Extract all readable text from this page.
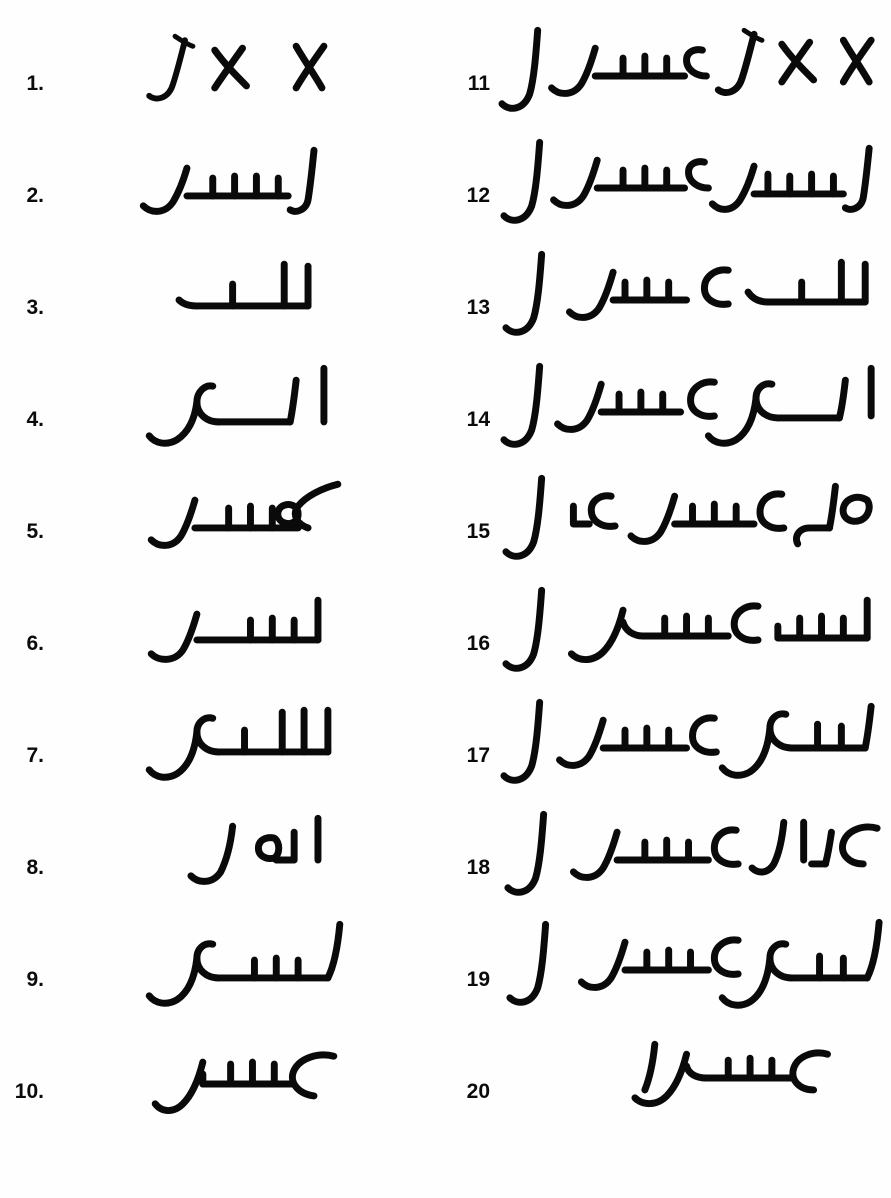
1.
2.
3.
4.
5.
6.
7.
8.
9.
10.
11
12
13
14
15
16
17
18
19
20
